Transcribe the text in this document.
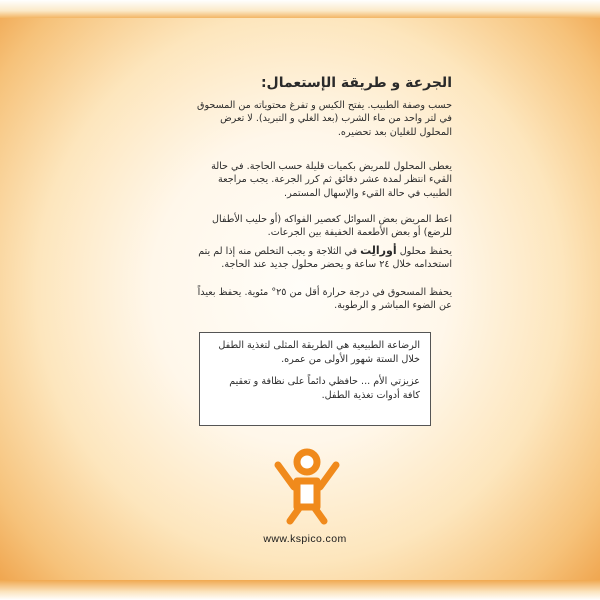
الجرعة و طريقة الإستعمال:
حسب وصفة الطبيب. يفتح الكيس و تفرغ محتوياته من المسحوق في لتر واحد من ماء الشرب (بعد الغلي و التبريد). لا تعرض المحلول للغليان بعد تحضيره.
يعطى المحلول للمريض بكميات قليلة حسب الحاجة. في حالة القيء انتظر لمدة عشر دقائق ثم كرر الجرعة. يجب مراجعة الطبيب في حالة القيء والإسهال المستمر.
اعط المريض بعض السوائل كعصير الفواكه (أو حليب الأطفال للرضع) أو بعض الأطعمة الخفيفة بين الجرعات.
يحفظ محلول أورالِت في الثلاجة و يجب التخلص منه إذا لم يتم استخدامه خلال ٢٤ ساعة و يحضر محلول جديد عند الحاجة.
يحفظ المسحوق في درجة حرارة أقل من ٢٥° مئوية. يحفظ بعيداً عن الضوء المباشر و الرطوبة.

الرضاعة الطبيعية هي الطريقة المثلى لتغذية الطفل خلال الستة شهور الأولى من عمره.

عزيزتي الأم ... حافظي دائماً على نظافة و تعقيم كافة أدوات تغذية الطفل.

www.kspico.com
